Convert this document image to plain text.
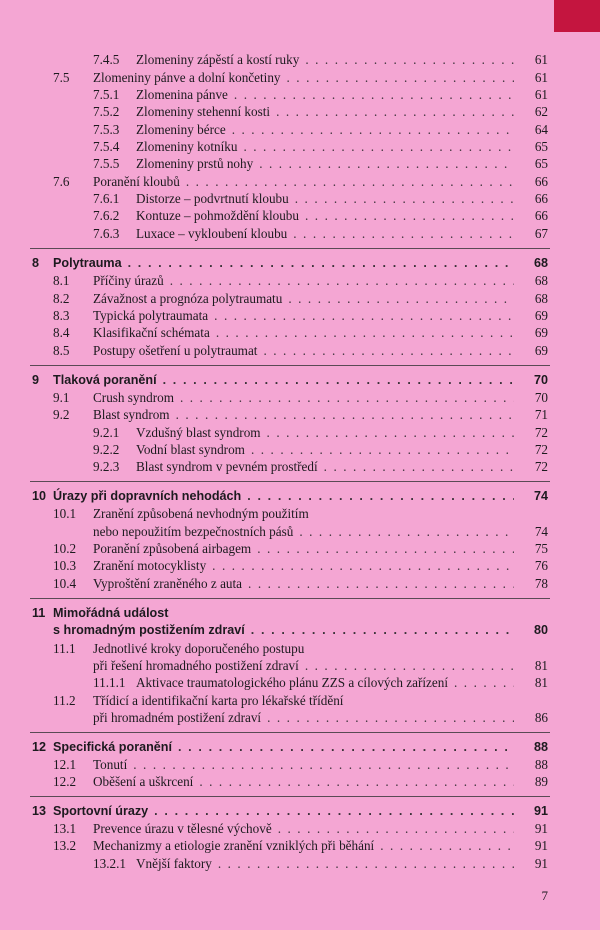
7.4.5 Zlomeniny zápěstí a kostí ruky . . .	61
7.5 Zlomeniny pánve a dolní končetiny . . .	61
7.5.1 Zlomenina pánve . . .	61
7.5.2 Zlomeniny stehenní kosti . . .	62
7.5.3 Zlomeniny bérce . . .	64
7.5.4 Zlomeniny kotníku . . .	65
7.5.5 Zlomeniny prstů nohy . . .	65
7.6 Poranění kloubů . . .	66
7.6.1 Distorze – podvrtnutí kloubu . . .	66
7.6.2 Kontuze – pohmoždění kloubu . . .	66
7.6.3 Luxace – vykloubení kloubu . . .	67
8 Polytrauma . . .	68
8.1 Příčiny úrazů . . .	68
8.2 Závažnost a prognóza polytraumatu . . .	68
8.3 Typická polytraumata . . .	69
8.4 Klasifikační schémata . . .	69
8.5 Postupy ošetření u polytraumat . . .	69
9 Tlaková poranění . . .	70
9.1 Crush syndrom . . .	70
9.2 Blast syndrom . . .	71
9.2.1 Vzdušný blast syndrom . . .	72
9.2.2 Vodní blast syndrom . . .	72
9.2.3 Blast syndrom v pevném prostředí . . .	72
10 Úrazy při dopravních nehodách . . .	74
10.1 Zranění způsobená nevhodným použitím
nebo nepoužitím bezpečnostních pásů . . .	74
10.2 Poranění způsobená airbagem . . .	75
10.3 Zranění motocyklisty . . .	76
10.4 Vyproštění zraněného z auta . . .	78
11 Mimořádná událost
s hromadným postižením zdraví . . .	80
11.1 Jednotlivé kroky doporučeného postupu
při řešení hromadného postižení zdraví . . .	81
11.1.1 Aktivace traumatologického plánu ZZS a cílových zařízení . . .	81
11.2 Třídicí a identifikační karta pro lékařské třídění
při hromadném postižení zdraví . . .	86
12 Specifická poranění . . .	88
12.1 Tonutí . . .	88
12.2 Oběšení a uškrcení . . .	89
13 Sportovní úrazy . . .	91
13.1 Prevence úrazu v tělesné výchově . . .	91
13.2 Mechanizmy a etiologie zranění vzniklých při běhání . . .	91
13.2.1 Vnější faktory . . .	91
7
